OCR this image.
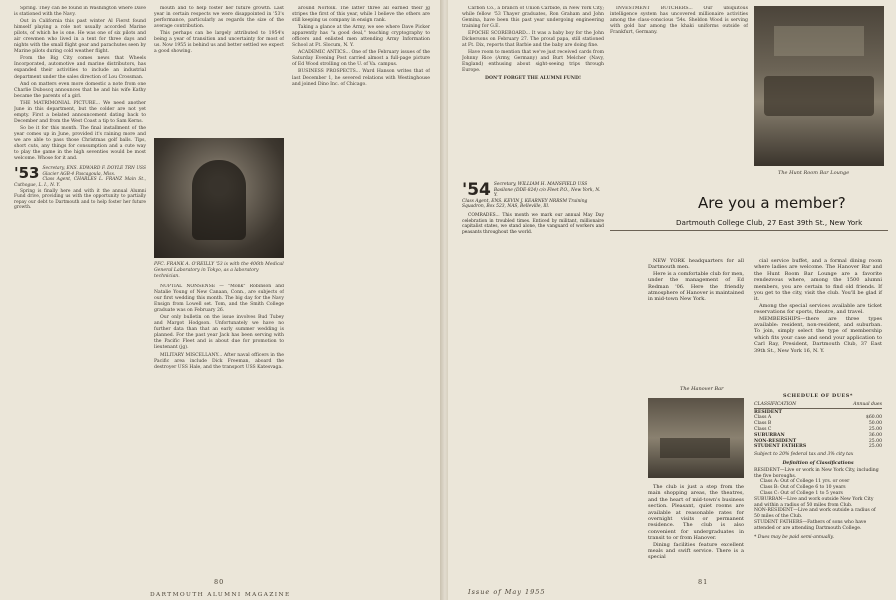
Spring. They can be found in Washington where Dave is stationed with the Navy.

Out in California this past winter Al Fierst found himself playing a role not usually accorded Marine pilots, of which he is one. He was one of six pilots and air crewmen who lived in a tent for three days and nights with the small flight gear and parachutes seen by Marine pilots during cold weather flight.

From the Big City comes news that Wheels Incorporated, automotive and marine distributors, has expanded their activities to include an industrial department under the sales direction of Lou Crossman.

And on matters even more domestic a note from one Charlie Duboscq announces that he and his wife Kathy became the parents of a girl.

THE MATRIMONIAL PICTURE... We need another June in this department, but the colder are not yet empty. First a belated announcement dating back to December and from the West Coast a tip to Sam Kerns.

So be it for this month. The final installment of the year comes up in June, provided it's raining more and we are able to pass those Christmas golf balls. Tips, short cuts, any things for consumption and a cute way to play the game in the high seventies would be most welcome. Whose for it and.

'53 Secretary, ENS. EDWARD F. DOYLE TRN USS Glacier AGB-4 Pascagoula, Miss.
Class Agent, CHARLES L. FRANZ Main St., Cuthogue, L. I., N. Y.

Spring is finally here and with it the annual Alumni Fund drive, providing us with the opportunity to partially repay our debt to Dartmouth and to help foster her future growth.

mouth and to help foster her future growth. Last year in certain respects we were disappointed in '53's performance, particularly as regards the size of the average contribution.

This perhaps can be largely attributed to 1954's being a year of transition and uncertainty for most of us. Now 1955 is behind us and better settled we expect a good showing.

PFC. FRANK A. O'REILLY '53 is with the 406th Medical General Laboratory in Tokyo, as a laboratory technician.

NUPTIAL NONSENSE — "Monk" Robinson and Natalie Young of New Canaan, Conn., are subjects of our first wedding this month. The big day for the Navy Ensign from Lowell set. Tom, and the Smith College graduate was on February 26.

Our only bulletin on the issue involves Bud Tubey and Margot Hodgson. Unfortunately we have no further data than that an early summer wedding is planned. For the past year Jack has been serving with the Pacific Fleet and is about due for promotion to lieutenant (jg).

MILITARY MISCELLANY... After naval officers in the Pacific area include Dick Freeman, aboard the destroyer USS Hale, and the transport USS Katesvaga.

around Norfolk. The latter three all earned their jg stripes the first of this year, while I believe the others are still keeping us company in ensign rank.

Taking a glance at the Army, we see where Dave Picker apparently has "a good deal," teaching cryptography to officers and enlisted men attending Army Information School at Ft. Slocum, N. Y.

ACADEMIC ANTICS... One of the February issues of the Saturday Evening Post carried almost a full-page picture of Ed Wood strolling on the U. of Va. campus.

BUSINESS PROSPECTS... Ward Hanson writes that of last December 1, he severed relations with Westinghouse and joined Dino Inc. of Chicago.

80
DARTMOUTH ALUMNI MAGAZINE

Carbon Co., a branch of Union Carbide, in New York City; while fellow '53 Thayer graduates, Ron Graham and John Gemina, have been this past year undergoing engineering training for G.E.

EPOCHE SCOREBOARD... It was a baby boy for the John Dickersons on February 27. The proud papa, still stationed at Ft. Dix, reports that Barbie and the baby are doing fine.

Have room to mention that we've just received cards from Johnny Rice (Army, Germany) and Burt Melcher (Navy, England) enthusing about sight-seeing trips through Europe.

DON'T FORGET THE ALUMNI FUND!

'54 Secretary, WILLIAM H. MANSFIELD USS Basilone (DDE-824) c/o Fleet P.O., New York, N. Y.
Class Agent, ENS. KEVIN J. KEARNEY NRRSM Training Squadron, Box 523, NAS, Belleville, Ill.

COMRADES... This month we mark our annual May Day celebration in troubled times. Enticed by militant, millionaire capitalist states, we stand alone, the vanguard of workers and peasants throughout the world.

INVESTMENT BUTCHERS... Our ubiquitous intelligence system has uncovered millionaire activities among the class-conscious '54s. Sheldon Wood is serving with gold bar among the khaki uniforms outside of Frankfurt, Germany.

The Hunt Room Bar Lounge
Are you a member?
Dartmouth College Club, 27 East 39th St., New York

NEW YORK headquarters for all Dartmouth men.

Here is a comfortable club for men, under the management of Ed Redman '06. Here the friendly atmosphere of Hanover is maintained in mid-town New York.

The Hanover Bar

The club is just a step from the main shopping areas, the theatres, and the heart of mid-town's business section. Pleasant, quiet rooms are available at reasonable rates for overnight visits or permanent residence. The club is also convenient for undergraduates in transit to or from Hanover.

Dining facilities feature excellent meals and swift service. There is a special

cial service buffet, and a formal dining room where ladies are welcome. The Hanover Bar and the Hunt Room Bar Lounge are a favorite rendezvous where, among the 1500 alumni members, you are certain to find old friends. If you get to the city, visit the club. You'll be glad if it.

Among the special services available are ticket reservations for sports, theatre, and travel.

MEMBERSHIPS—there are three types available: resident, non-resident, and suburban. To join, simply select the type of membership which fits your case and send your application to Carl Ray, President, Dartmouth Club, 37 East 39th St., New York 16, N. Y.

SCHEDULE OF DUES*
CLASSIFICATION	Annual dues
RESIDENT
Class A	$60.00
Class B	50.00
Class C	25.00
SUBURBAN	36.00
NON-RESIDENT	25.00
STUDENT FATHERS	25.00
Subject to 20% federal tax and 3% city tax
Definition of Classifications
RESIDENT—Live or work in New York City, including the five boroughs.
Class A: Out of College 11 yrs. or over
Class B: Out of College 6 to 10 years
Class C: Out of College 1 to 5 years
SUBURBAN—Live and work outside New York City and within a radius of 50 miles from Club.
NON-RESIDENT—Live and work outside a radius of 50 miles of the Club.
STUDENT FATHERS—Fathers of sons who have attended or are attending Dartmouth College.
* Dues may be paid semi-annually.
Issue of May 1955
81
